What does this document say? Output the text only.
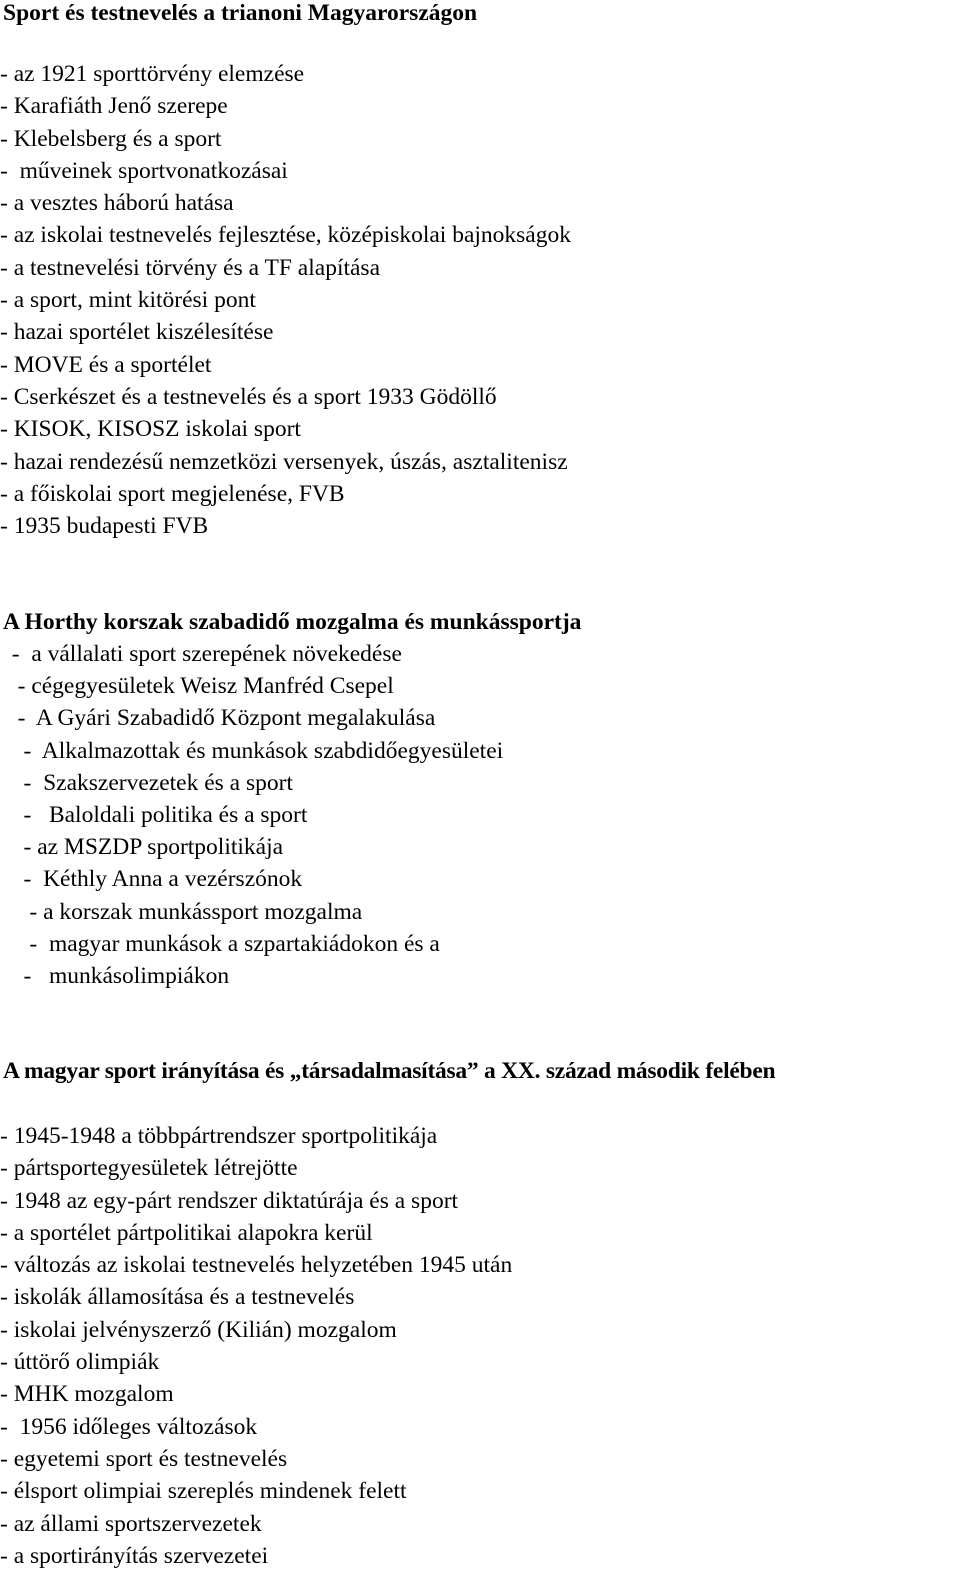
Sport és testnevelés a trianoni Magyarországon
- az 1921 sporttörvény elemzése
- Karafiáth Jenő szerepe
- Klebelsberg és a sport
-  műveinek sportvonatkozásai
- a vesztes háború hatása
- az iskolai testnevelés fejlesztése, középiskolai bajnokságok
- a testnevelési törvény és a TF alapítása
- a sport, mint kitörési pont
- hazai sportélet kiszélesítése
- MOVE és a sportélet
- Cserkészet és a testnevelés és a sport 1933 Gödöllő
- KISOK, KISOSZ iskolai sport
- hazai rendezésű nemzetközi versenyek, úszás, asztalitenisz
- a főiskolai sport megjelenése, FVB
- 1935 budapesti FVB
A Horthy korszak szabadidő mozgalma és munkássportja
-  a vállalati sport szerepének növekedése
- cégegyesületek Weisz Manfréd Csepel
-  A Gyári Szabadidő Központ megalakulása
-  Alkalmazottak és munkások szabdidőegyesületei
-  Szakszervezetek és a sport
-   Baloldali politika és a sport
- az MSZDP sportpolitikája
-  Kéthly Anna a vezérszónok
- a korszak munkássport mozgalma
-  magyar munkások a szpartakiádokon és a
-   munkásolimpiákon
A magyar sport irányítása és „társadalmasítása” a XX. század második felében
- 1945-1948 a többpártrendszer sportpolitikája
- pártsportegyesületek létrejötte
- 1948 az egy-párt rendszer diktatúrája és a sport
- a sportélet pártpolitikai alapokra kerül
- változás az iskolai testnevelés helyzetében 1945 után
- iskolák államosítása és a testnevelés
- iskolai jelvényszerző (Kilián) mozgalom
- úttörő olimpiák
- MHK mozgalom
-  1956 időleges változások
- egyetemi sport és testnevelés
- élsport olimpiai szereplés mindenek felett
- az állami sportszervezetek
- a sportirányítás szervezetei
